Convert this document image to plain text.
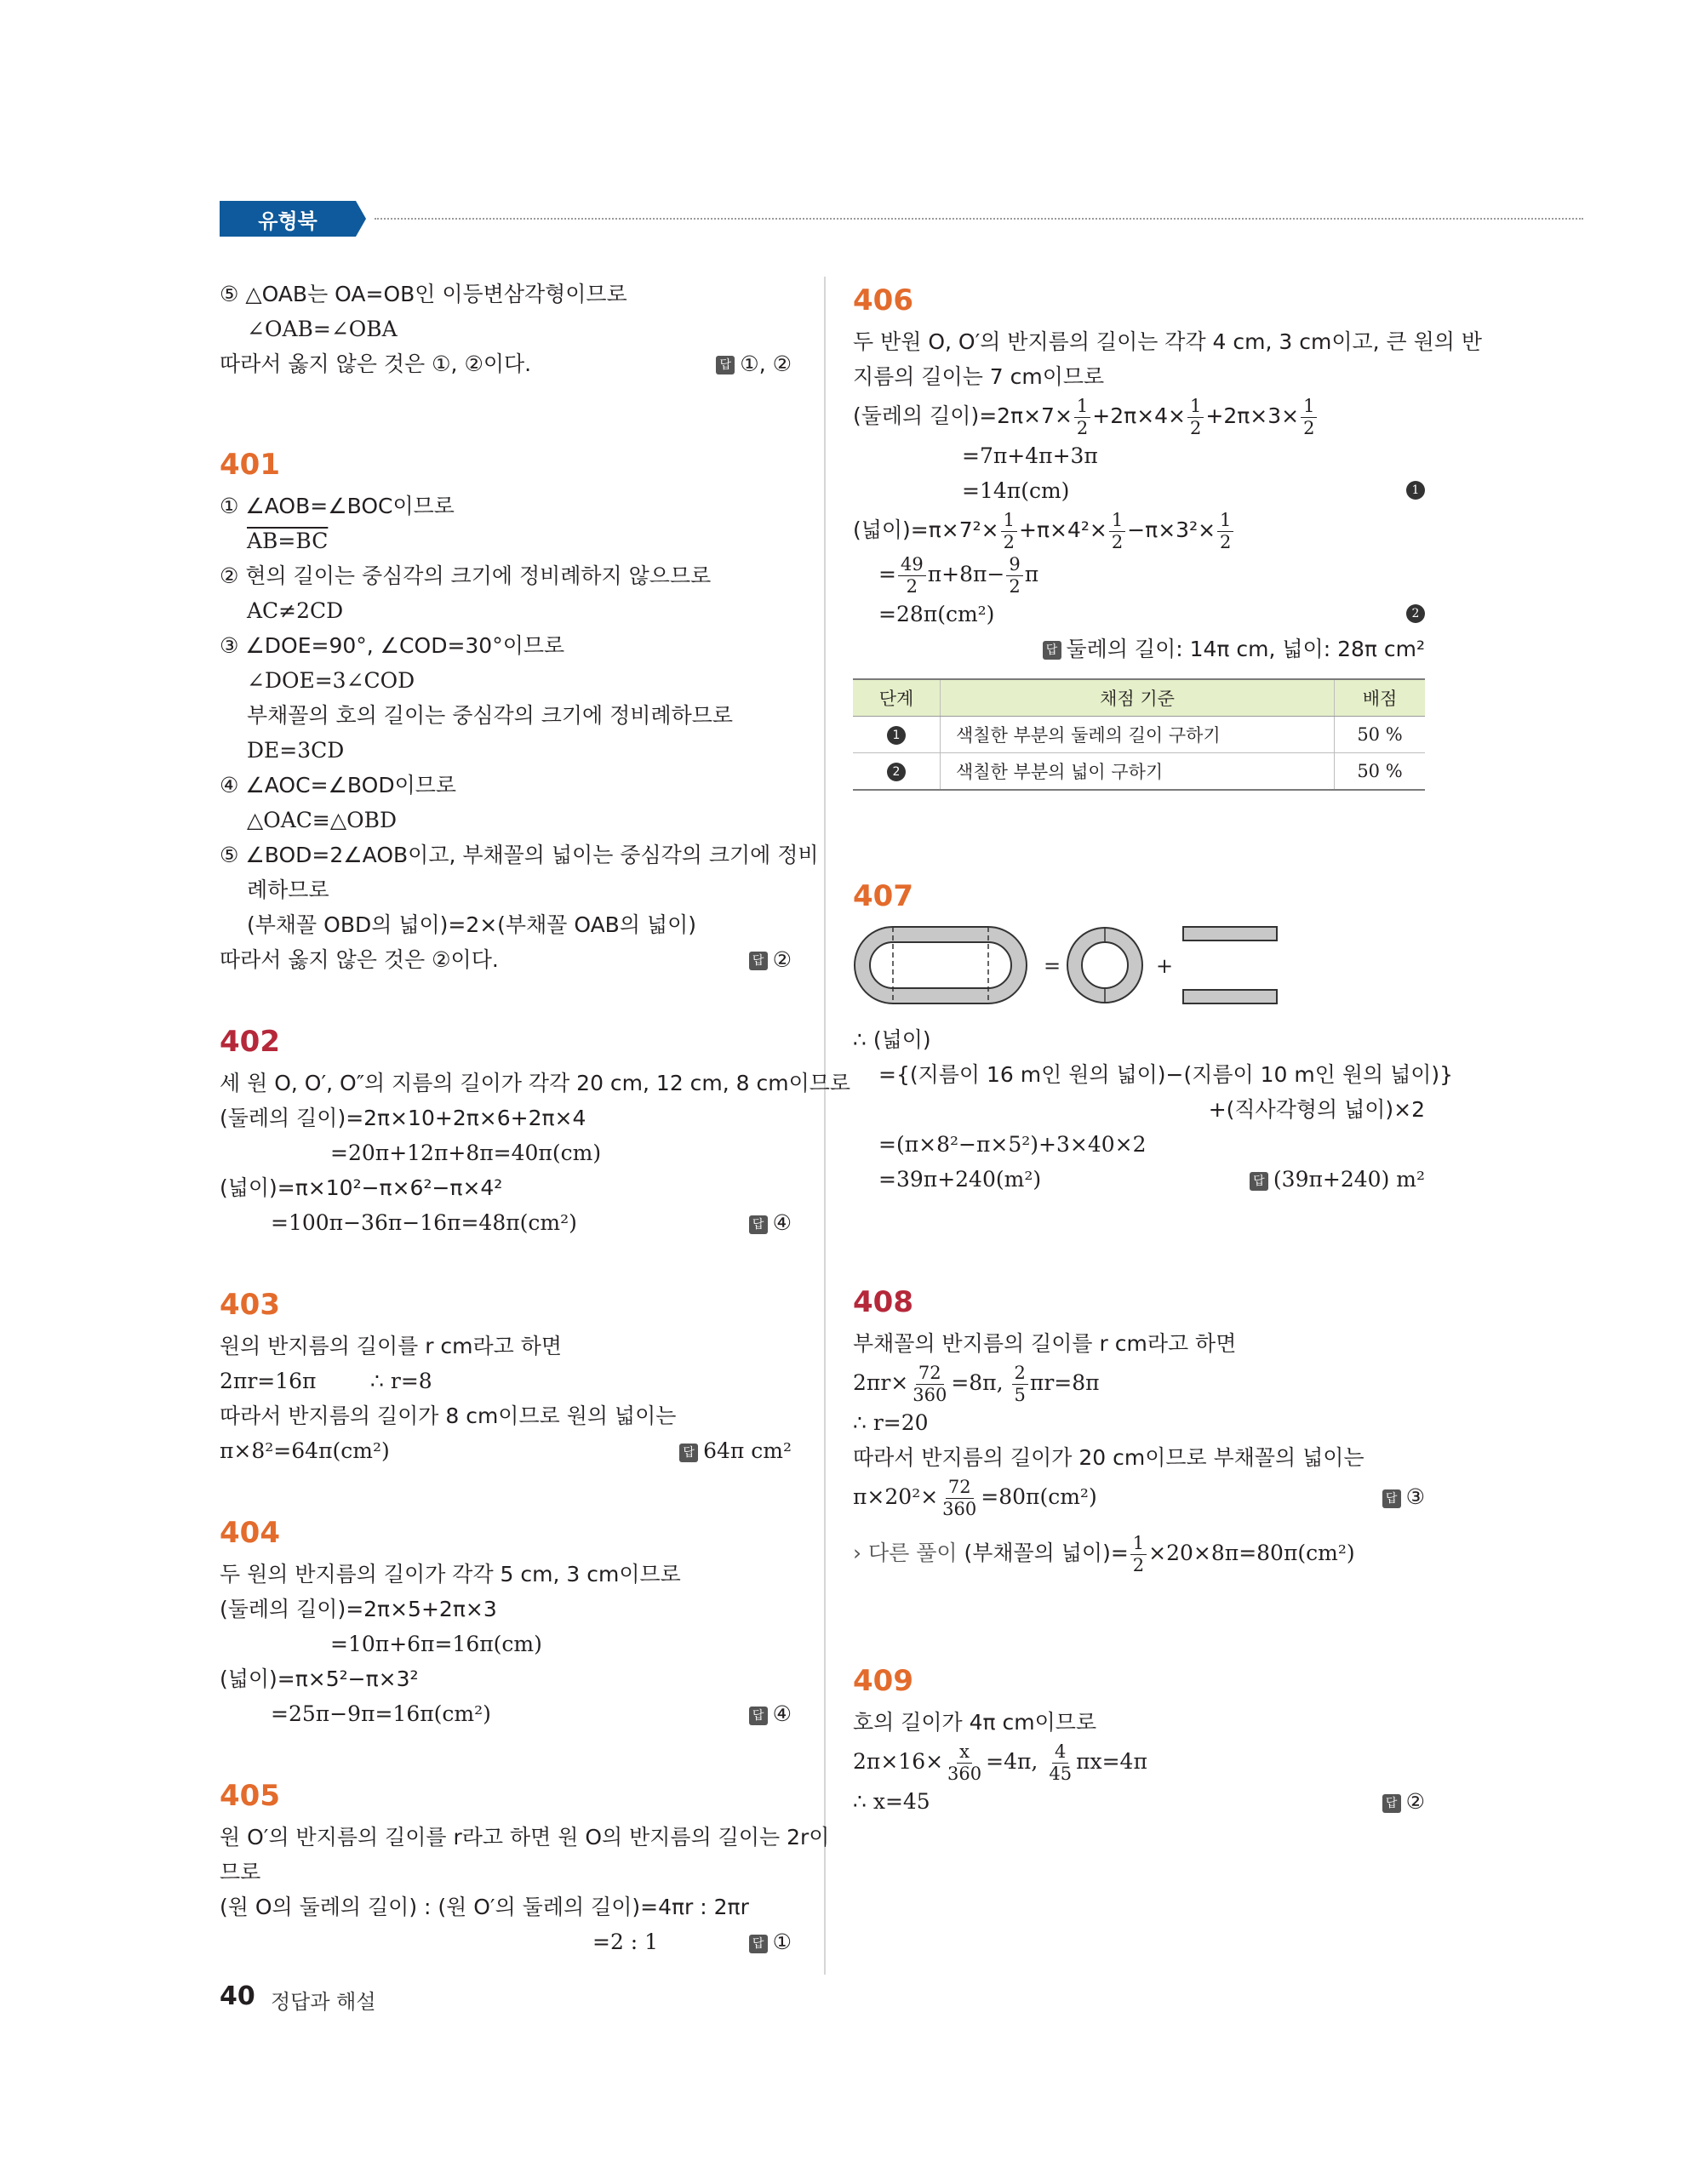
유형북
⑤ △OAB는 OA=OB인 이등변삼각형이므로
∠OAB=∠OBA
따라서 옳지 않은 것은 ①, ②이다.	답 ①, ②
401
① ∠AOB=∠BOC이므로
AB=BC
② 현의 길이는 중심각의 크기에 정비례하지 않으므로
AC≠2CD
③ ∠DOE=90°, ∠COD=30°이므로
∠DOE=3∠COD
부채꼴의 호의 길이는 중심각의 크기에 정비례하므로
DE=3CD
④ ∠AOC=∠BOD이므로
△OAC≡△OBD
⑤ ∠BOD=2∠AOB이고, 부채꼴의 넓이는 중심각의 크기에 정비
례하므로
(부채꼴 OBD의 넓이)=2×(부채꼴 OAB의 넓이)
따라서 옳지 않은 것은 ②이다.	답 ②
402
세 원 O, O′, O″의 지름의 길이가 각각 20 cm, 12 cm, 8 cm이므로
(둘레의 길이)=2π×10+2π×6+2π×4
=20π+12π+8π=40π(cm)
(넓이)=π×10²−π×6²−π×4²
=100π−36π−16π=48π(cm²)	답 ④
403
원의 반지름의 길이를 r cm라고 하면
2πr=16π        ∴ r=8
따라서 반지름의 길이가 8 cm이므로 원의 넓이는
π×8²=64π(cm²)	답 64π cm²
404
두 원의 반지름의 길이가 각각 5 cm, 3 cm이므로
(둘레의 길이)=2π×5+2π×3
=10π+6π=16π(cm)
(넓이)=π×5²−π×3²
=25π−9π=16π(cm²)	답 ④
405
원 O′의 반지름의 길이를 r라고 하면 원 O의 반지름의 길이는 2r이
므로
(원 O의 둘레의 길이) : (원 O′의 둘레의 길이)=4πr : 2πr
=2 : 1	답 ①
406
두 반원 O, O′의 반지름의 길이는 각각 4 cm, 3 cm이고, 큰 원의 반
지름의 길이는 7 cm이므로
(둘레의 길이)$=2\pi\times 7\times \frac{1}{2} +2\pi\times 4\times \frac{1}{2} +2\pi\times 3\times \frac{1}{2}$
=7π+4π+3π
=14π(cm)	1
(넓이)$=\pi\times 7^2\times \frac{1}{2} +\pi\times 4^2\times \frac{1}{2} -\pi\times 3^2\times \frac{1}{2}$
= $\frac{49}{2} \pi+8\pi- \frac{9}{2}$ π
=28π(cm²)	2
답 둘레의 길이: 14π cm, 넓이: 28π cm²
단계	채점 기준	배점
1	색칠한 부분의 둘레의 길이 구하기	50 %
2	색칠한 부분의 넓이 구하기	50 %
407
=	+
∴ (넓이)
={(지름이 16 m인 원의 넓이)−(지름이 10 m인 원의 넓이)}
+(직사각형의 넓이)×2
=(π×8²−π×5²)+3×40×2
=39π+240(m²)	답 (39π+240) m²
408
부채꼴의 반지름의 길이를 r cm라고 하면
$2\pi r\times \frac{72}{360} =8\pi$, $\frac{2}{5} \pi r=8\pi$
∴ r=20
따라서 반지름의 길이가 20 cm이므로 부채꼴의 넓이는
$\pi\times 20^2\times \frac{72}{360} =80\pi(cm^2)$	답 ③
› 다른 풀이 (부채꼴의 넓이)= $\frac{1}{2} \times 20\times 8\pi=80\pi(cm^2)$
409
호의 길이가 4π cm이므로
$2\pi\times 16\times \frac{x}{360} =4\pi$, $\frac{4}{45} \pi x=4\pi$
∴ x=45	답 ②
40 정답과 해설
